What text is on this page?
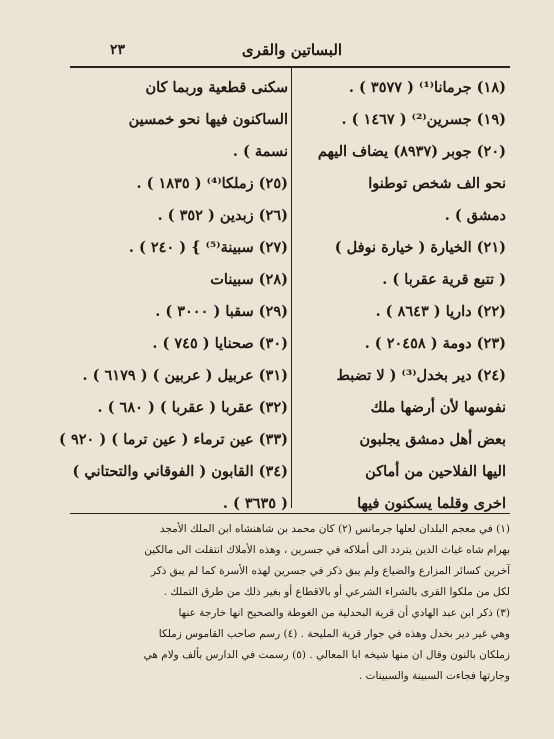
البساتين والقرى
٢٣
(١٨) جرمانا⁽¹⁾ ( ٣٥٧٧ ) .
(١٩) جسرين⁽²⁾ ( ١٤٦٧ ) .
(٢٠) جوبر (٨٩٣٧) يضاف اليهم
نحو الف شخص توطنوا
دمشق ) .
(٢١) الخيارة ( خيارة نوفل )
( تتبع قرية عقربا ) .
(٢٢) داريا ( ٨٦٤٣ ) .
(٢٣) دومة ( ٢٠٤٥٨ ) .
(٢٤) دير بخدل⁽³⁾ ( لا تضبط
نفوسها لأن أرضها ملك
بعض أهل دمشق يجلبون
اليها الفلاحين من أماكن
اخرى وقلما يسكنون فيها
سكنى قطعية وربما كان
الساكنون فيها نحو خمسين
نسمة ) .
(٢٥) زملكا⁽⁴⁾ ( ١٨٣٥ ) .
(٢٦) زبدين ( ٣٥٢ ) .
(٢٧) سبينة⁽⁵⁾ } ( ٢٤٠ ) .
(٢٨) سبينات
(٢٩) سقبا ( ٣٠٠٠ ) .
(٣٠) صحنايا ( ٧٤٥ ) .
(٣١) عربيل ( عربين ) ( ٦١٧٩ ) .
(٣٢) عقربا ( عقربا ) ( ٦٨٠ ) .
(٣٣) عين ترماء ( عين ترما ) ( ٩٢٠ )
(٣٤) القابون ( الفوقاني والتحتاني )
( ٣٦٣٥ ) .
(١) في معجم البلدان لعلها جرمانس (٢) كان محمد بن شاهنشاه ابن الملك الأمجد
بهرام شاه غياث الدين يتردد الى أملاكه في جسرين ، وهذه الأملاك انتقلت الى مالكين
آخرين كسائر المزارع والضياع ولم يبق ذكر في جسرين لهذه الأسرة كما لم يبق ذكر
لكل من ملكوا القرى بالشراء الشرعي أو بالاقطاع أو بغير ذلك من طرق التملك .
(٣) ذكر ابن عبد الهادي أن قرية البحدلية من الغوطة والصحيح انها خارجة عنها
وهي غير دير بخدل وهذه في جوار قرية المليحة . (٤) رسم صاحب القاموس زملكا
زملكان بالنون وقال ان منها شيخه ابا المعالي . (٥) رسمت في الدارس بألف ولام هي
وجارتها فجاءت السبينة والسبينات .
